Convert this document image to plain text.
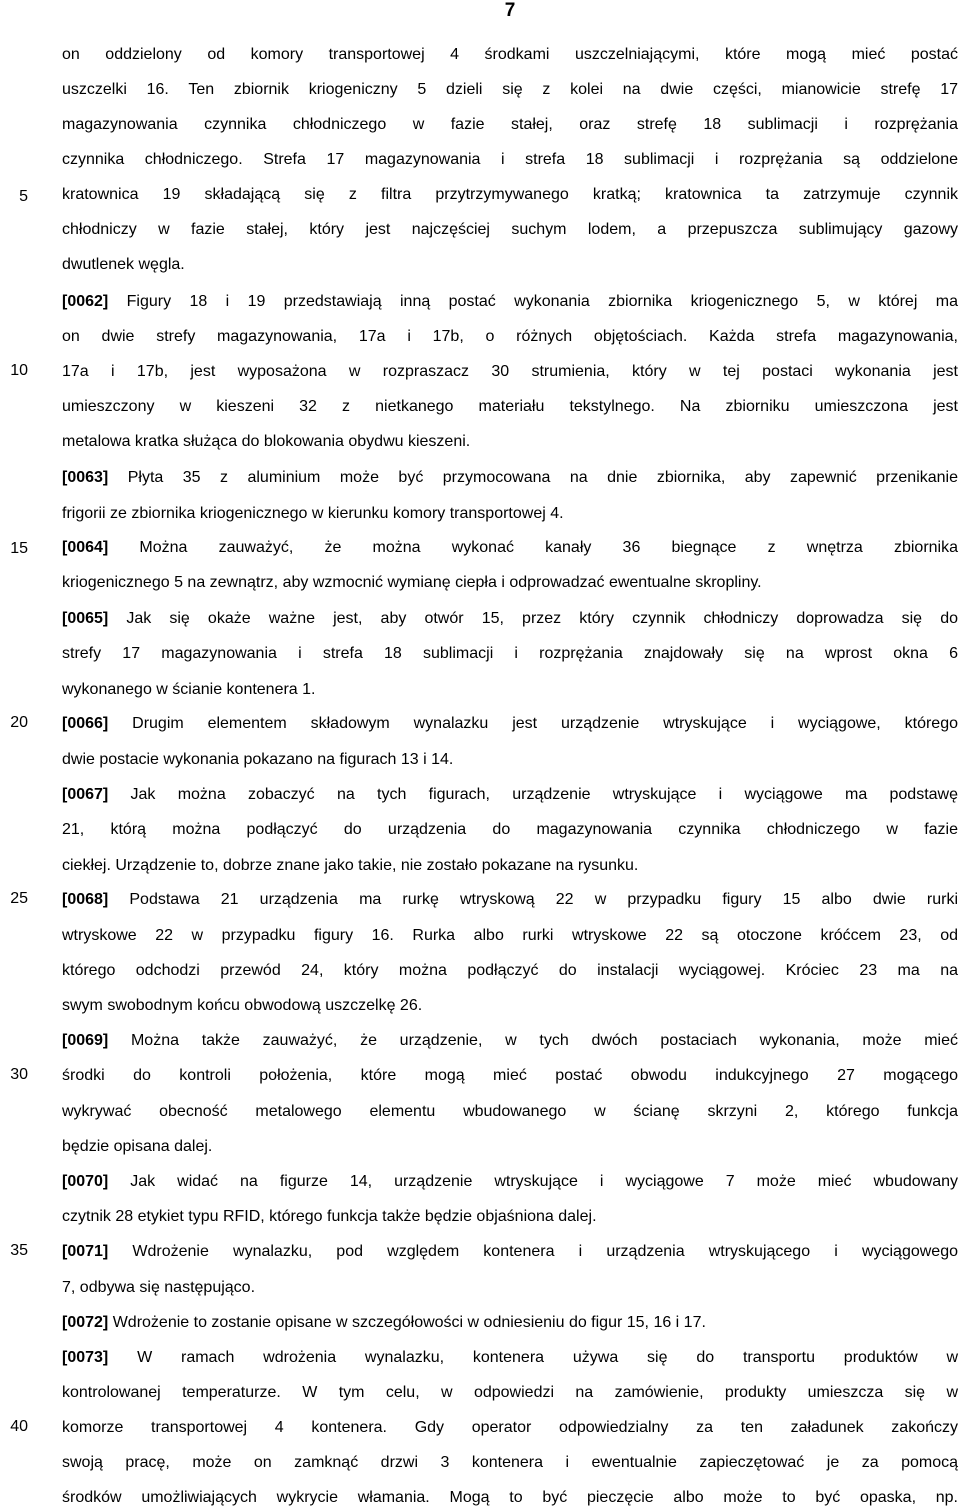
7
5
10
15
20
25
30
35
40
on oddzielony od komory transportowej 4 środkami uszczelniającymi, które mogą mieć postać
uszczelki 16. Ten zbiornik kriogeniczny 5 dzieli się z kolei na dwie części, mianowicie strefę 17
magazynowania czynnika chłodniczego w fazie stałej, oraz strefę 18 sublimacji i rozprężania
czynnika chłodniczego. Strefa 17 magazynowania i strefa 18 sublimacji i rozprężania są oddzielone
kratownica 19 składającą się z filtra przytrzymywanego kratką; kratownica ta zatrzymuje czynnik
chłodniczy w fazie stałej, który jest najczęściej suchym lodem, a przepuszcza sublimujący gazowy
dwutlenek węgla.
[0062] Figury 18 i 19 przedstawiają inną postać wykonania zbiornika kriogenicznego 5, w której ma
on dwie strefy magazynowania, 17a i 17b, o różnych objętościach. Każda strefa magazynowania,
17a i 17b, jest wyposażona w rozpraszacz 30 strumienia, który w tej postaci wykonania jest
umieszczony w kieszeni 32 z nietkanego materiału tekstylnego. Na zbiorniku umieszczona jest
metalowa kratka służąca do blokowania obydwu kieszeni.
[0063] Płyta 35 z aluminium może być przymocowana na dnie zbiornika, aby zapewnić przenikanie
frigorii ze zbiornika kriogenicznego w kierunku komory transportowej 4.
[0064] Można zauważyć, że można wykonać kanały 36 biegnące z wnętrza zbiornika
kriogenicznego 5 na zewnątrz, aby wzmocnić wymianę ciepła i odprowadzać ewentualne skropliny.
[0065] Jak się okaże ważne jest, aby otwór 15, przez który czynnik chłodniczy doprowadza się do
strefy 17 magazynowania i strefa 18 sublimacji i rozprężania znajdowały się na wprost okna 6
wykonanego w ścianie kontenera 1.
[0066] Drugim elementem składowym wynalazku jest urządzenie wtryskujące i wyciągowe, którego
dwie postacie wykonania pokazano na figurach 13 i 14.
[0067] Jak można zobaczyć na tych figurach, urządzenie wtryskujące i wyciągowe ma podstawę
21, którą można podłączyć do urządzenia do magazynowania czynnika chłodniczego w fazie
ciekłej. Urządzenie to, dobrze znane jako takie, nie zostało pokazane na rysunku.
[0068] Podstawa 21 urządzenia ma rurkę wtryskową 22 w przypadku figury 15 albo dwie rurki
wtryskowe 22 w przypadku figury 16. Rurka albo rurki wtryskowe 22 są otoczone króćcem 23, od
którego odchodzi przewód 24, który można podłączyć do instalacji wyciągowej. Króciec 23 ma na
swym swobodnym końcu obwodową uszczelkę 26.
[0069] Można także zauważyć, że urządzenie, w tych dwóch postaciach wykonania, może mieć
środki do kontroli położenia, które mogą mieć postać obwodu indukcyjnego 27 mogącego
wykrywać obecność metalowego elementu wbudowanego w ścianę skrzyni 2, którego funkcja
będzie opisana dalej.
[0070] Jak widać na figurze 14, urządzenie wtryskujące i wyciągowe 7 może mieć wbudowany
czytnik 28 etykiet typu RFID, którego funkcja także będzie objaśniona dalej.
[0071] Wdrożenie wynalazku, pod względem kontenera i urządzenia wtryskującego i wyciągowego
7, odbywa się następująco.
[0072] Wdrożenie to zostanie opisane w szczegółowości w odniesieniu do figur 15, 16 i 17.
[0073] W ramach wdrożenia wynalazku, kontenera używa się do transportu produktów w
kontrolowanej temperaturze. W tym celu, w odpowiedzi na zamówienie, produkty umieszcza się w
komorze transportowej 4 kontenera. Gdy operator odpowiedzialny za ten załadunek zakończy
swoją pracę, może on zamknąć drzwi 3 kontenera i ewentualnie zapieczętować je za pomocą
środków umożliwiających wykrycie włamania. Mogą to być pieczęcie albo może to być opaska, np.
